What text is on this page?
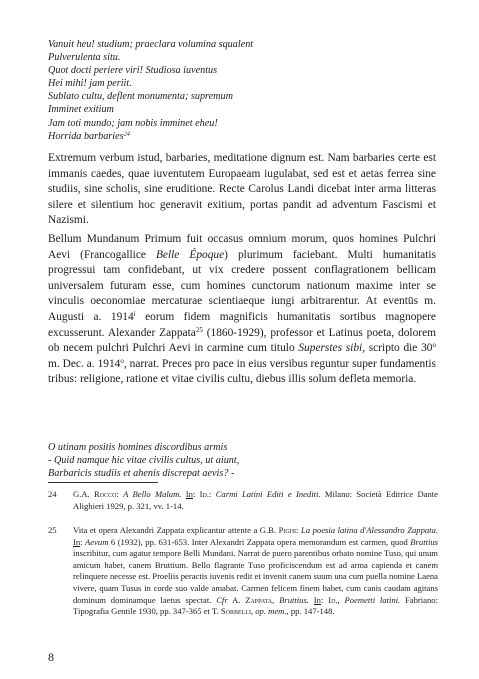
Vanuit heu! studium; praeclara volumina squalent
Pulverulenta situ.
Quot docti periere viri! Studiosa iuventus
Hei mihi! jam periit.
Sublato cultu, deflent monumenta; supremum
Imminet exitium
Jam toti mundo; jam nobis imminet eheu!
Horrida barbaries$^{24}$
Extremum verbum istud, barbaries, meditatione dignum est. Nam barbaries certe est immanis caedes, quae iuventutem Europaeam iugulabat, sed est et aetas ferrea sine studiis, sine scholis, sine eruditione. Recte Carolus Landi dicebat inter arma litteras silere et silentium hoc generavit exitium, portas pandit ad adventum Fascismi et Nazismi.
Bellum Mundanum Primum fuit occasus omnium morum, quos homines Pulchri Aevi (Francogallice Belle Époque) plurimum faciebant. Multi humanitatis progressui tam confidebant, ut vix credere possent conflagrationem bellicam universalem futuram esse, cum homines cunctorum nationum maxime inter se vinculis oeconomiae mercaturae scientiaeque iungi arbitrarentur. At eventūs m. Augusti a. 1914$^i$ eorum fidem magnificis humanitatis sortibus magnopere excusserunt. Alexander Zappata$^{25}$ (1860-1929), professor et Latinus poeta, dolorem ob necem pulchri Pulchri Aevi in carmine cum titulo Superstes sibi, scripto die 30$^o$ m. Dec. a. 1914$^o$, narrat. Preces pro pace in eius versibus reguntur super fundamentis tribus: religione, ratione et vitae civilis cultu, diebus illis solum defleta memoria.
O utinam positis homines discordibus armis
- Quid namque hic vitae civilis cultus, ut aiunt,
Barbaricis studiis et ahenis discrepat aevis? -
24 G.A. Rocco: A Bello Malum. In: Id.: Carmi Latini Editi e Inediti. Milano: Società Editrice Dante Alighieri 1929, p. 321, vv. 1-14.
25 Vita et opera Alexandri Zappata explicantur attente a G.B. Pighi: La poesia latina d'Alessandro Zappata. In: Aevum 6 (1932), pp. 631-653. Inter Alexandri Zappata opera memorandum est carmen, quod Bruttius inscribitur, cum agatur tempore Belli Mundani. Narrat de puero parentibus orbato nomine Tuso, qui unum amicum habet, canem Bruttium. Bello flagrante Tuso proficiscendum est ad arma capienda et canem relinquere necesse est. Proeliis peractis iuvenis redit et invenit canem suum una cum puella nomine Laena vivere, quam Tusus in corde suo valde amabat. Carmen felicem finem habet, cum canis caudam agitans dominum dominamque laetus spectat. Cfr A. Zappata, Bruttius. In: Id., Poemetti latini. Fabriano: Tipografia Gentile 1930, pp. 347-365 et T. Sorbelli, op. mem., pp. 147-148.
8
